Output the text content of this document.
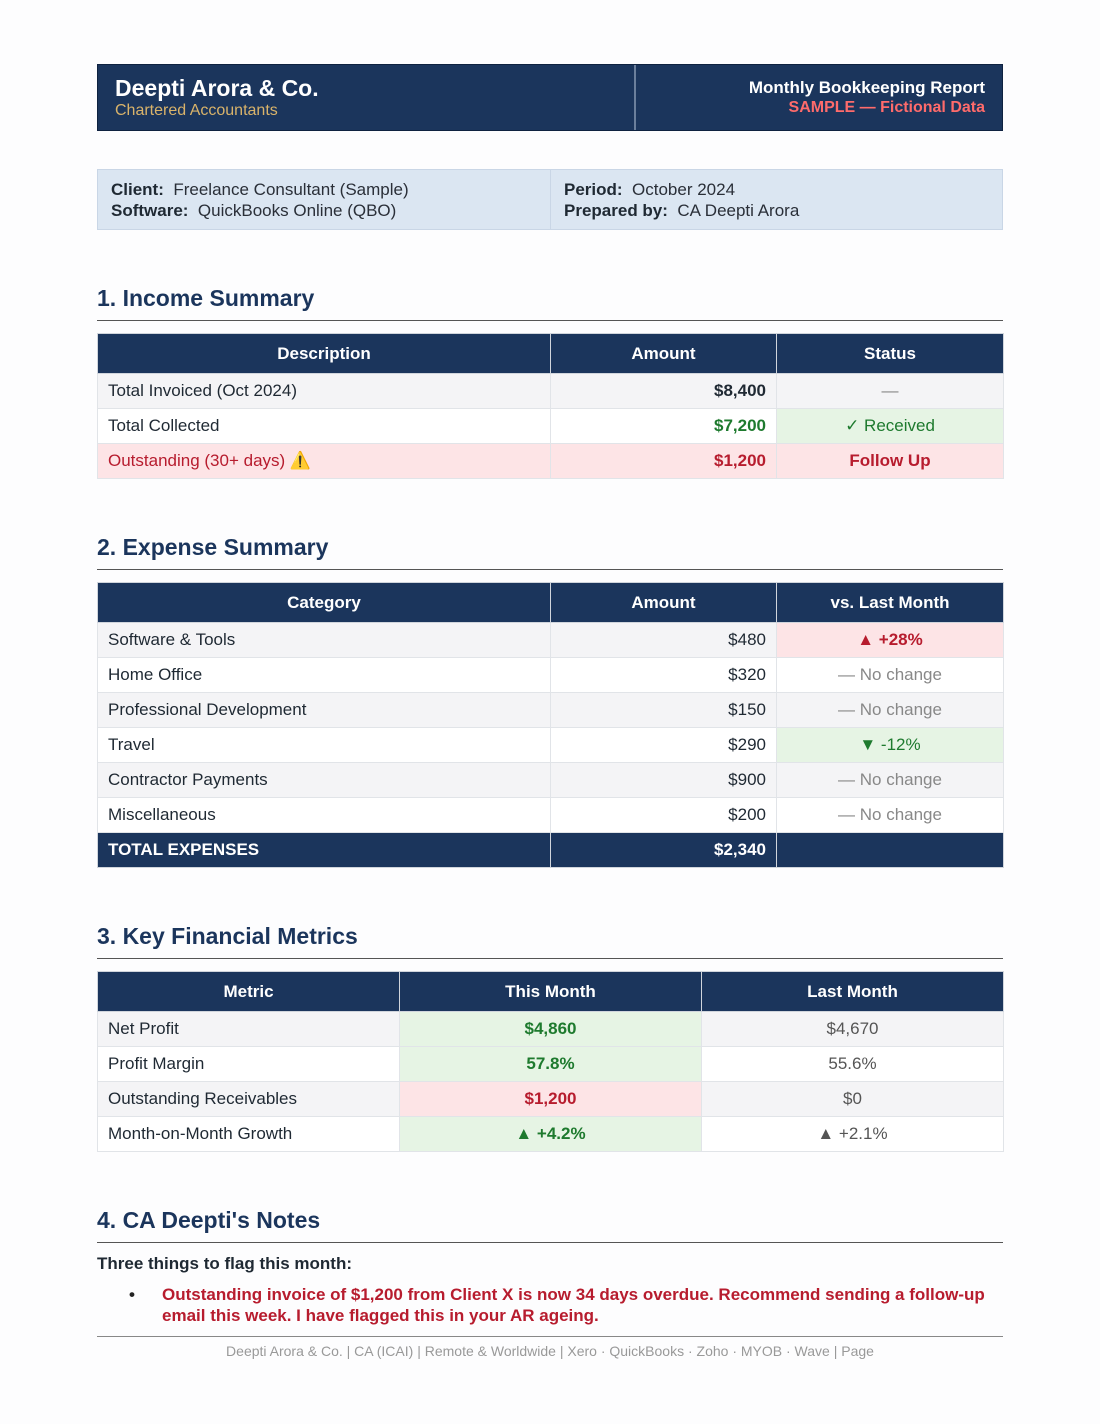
Deepti Arora & Co.
Chartered Accountants
Monthly Bookkeeping Report
SAMPLE — Fictional Data
Client: Freelance Consultant (Sample)
Software: QuickBooks Online (QBO)
Period: October 2024
Prepared by: CA Deepti Arora
1. Income Summary
Description	Amount	Status
Total Invoiced (Oct 2024)	$8,400	—
Total Collected	$7,200	✓ Received
Outstanding (30+ days) ⚠️	$1,200	Follow Up
2. Expense Summary
Category	Amount	vs. Last Month
Software & Tools	$480	▲ +28%
Home Office	$320	— No change
Professional Development	$150	— No change
Travel	$290	▼ -12%
Contractor Payments	$900	— No change
Miscellaneous	$200	— No change
TOTAL EXPENSES	$2,340	
3. Key Financial Metrics
Metric	This Month	Last Month
Net Profit	$4,860	$4,670
Profit Margin	57.8%	55.6%
Outstanding Receivables	$1,200	$0
Month-on-Month Growth	▲ +4.2%	▲ +2.1%
4. CA Deepti's Notes
Three things to flag this month:
• Outstanding invoice of $1,200 from Client X is now 34 days overdue. Recommend sending a follow-up email this week. I have flagged this in your AR ageing.
Deepti Arora & Co. | CA (ICAI) | Remote & Worldwide | Xero · QuickBooks · Zoho · MYOB · Wave | Page
